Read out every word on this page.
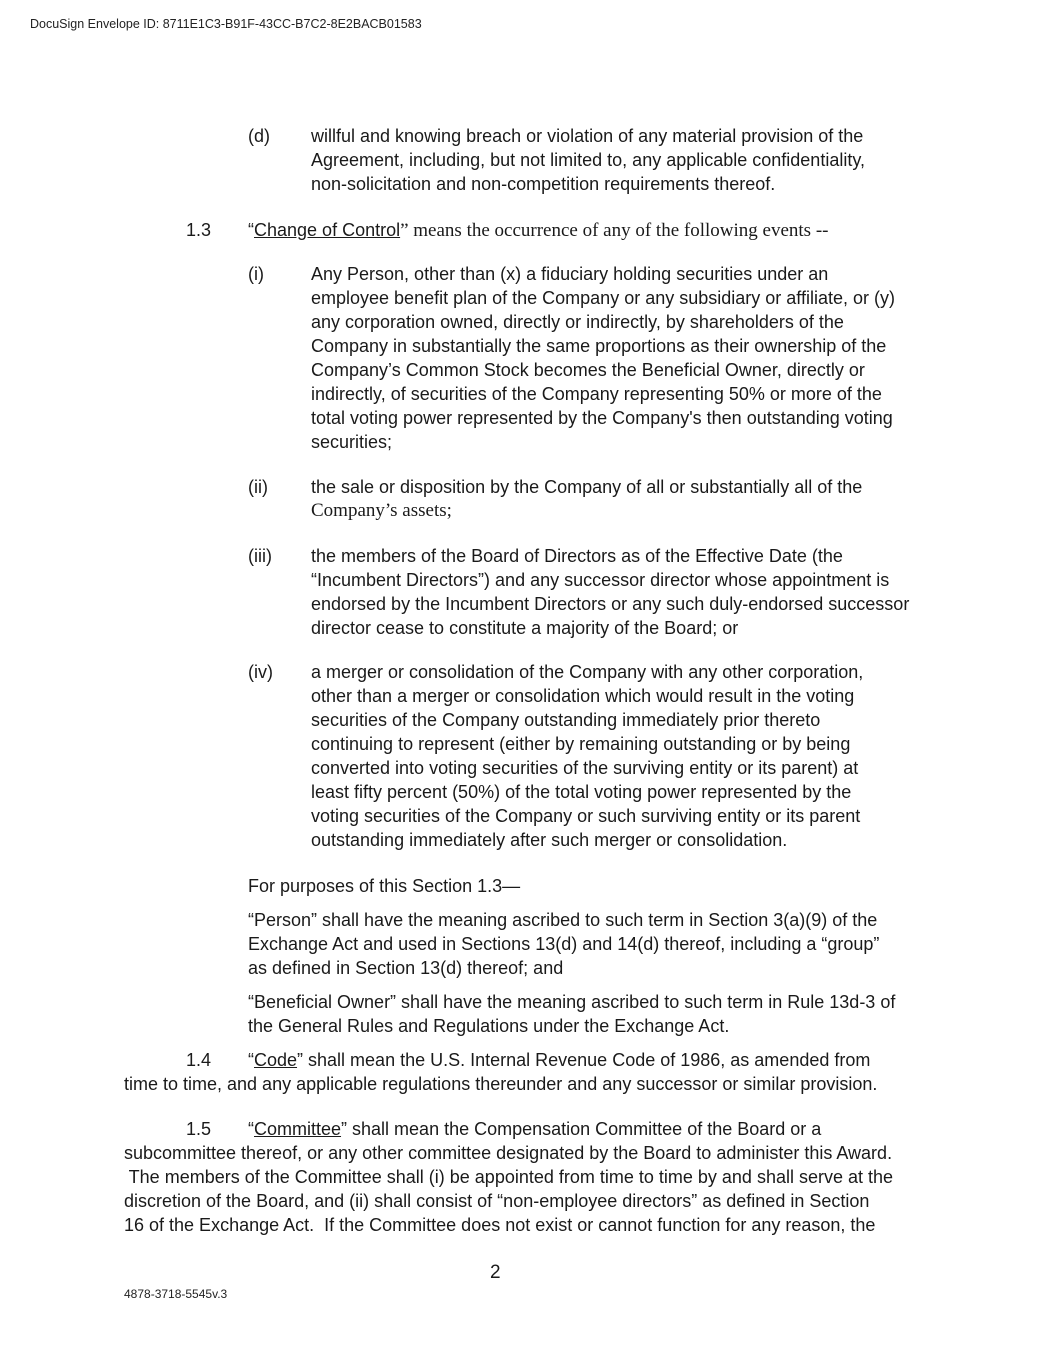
DocuSign Envelope ID: 8711E1C3-B91F-43CC-B7C2-8E2BACB01583
(d) willful and knowing breach or violation of any material provision of the
Agreement, including, but not limited to, any applicable confidentiality,
non-solicitation and non-competition requirements thereof.
1.3 “Change of Control” means the occurrence of any of the following events --
(i)	Any Person, other than (x) a fiduciary holding securities under an
employee benefit plan of the Company or any subsidiary or affiliate, or (y)
any corporation owned, directly or indirectly, by shareholders of the
Company in substantially the same proportions as their ownership of the
Company’s Common Stock becomes the Beneficial Owner, directly or
indirectly, of securities of the Company representing 50% or more of the
total voting power represented by the Company's then outstanding voting
securities;
(ii) the sale or disposition by the Company of all or substantially all of the
Company’s assets;
(iii) the members of the Board of Directors as of the Effective Date (the
“Incumbent Directors”) and any successor director whose appointment is
endorsed by the Incumbent Directors or any such duly-endorsed successor
director cease to constitute a majority of the Board; or
(iv) a merger or consolidation of the Company with any other corporation,
other than a merger or consolidation which would result in the voting
securities of the Company outstanding immediately prior thereto
continuing to represent (either by remaining outstanding or by being
converted into voting securities of the surviving entity or its parent) at
least fifty percent (50%) of the total voting power represented by the
voting securities of the Company or such surviving entity or its parent
outstanding immediately after such merger or consolidation.
For purposes of this Section 1.3—
“Person” shall have the meaning ascribed to such term in Section 3(a)(9) of the
Exchange Act and used in Sections 13(d) and 14(d) thereof, including a “group”
as defined in Section 13(d) thereof; and
“Beneficial Owner” shall have the meaning ascribed to such term in Rule 13d-3 of
the General Rules and Regulations under the Exchange Act.
1.4 “Code” shall mean the U.S. Internal Revenue Code of 1986, as amended from
time to time, and any applicable regulations thereunder and any successor or similar provision.
1.5 “Committee” shall mean the Compensation Committee of the Board or a
subcommittee thereof, or any other committee designated by the Board to administer this Award.
The members of the Committee shall (i) be appointed from time to time by and shall serve at the
discretion of the Board, and (ii) shall consist of “non-employee directors” as defined in Section
16 of the Exchange Act.  If the Committee does not exist or cannot function for any reason, the
2
4878-3718-5545v.3
